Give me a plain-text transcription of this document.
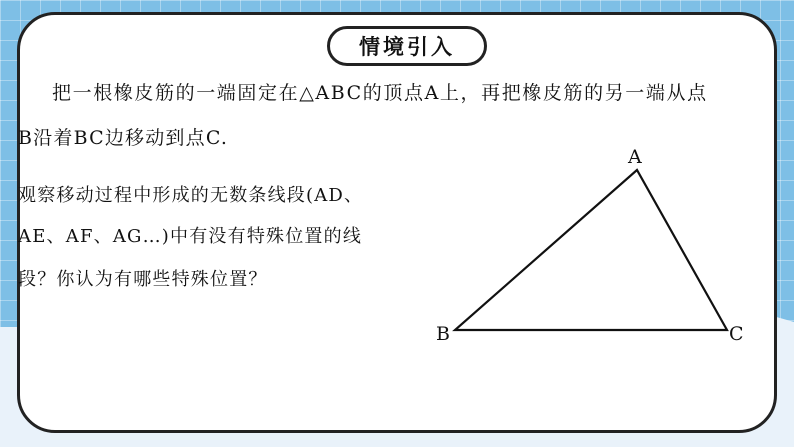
情境引入
把一根橡皮筋的一端固定在△ABC的顶点A上，再把橡皮筋的另一端从点
B沿着BC边移动到点C.
观察移动过程中形成的无数条线段(AD、
AE、AF、AG…)中有没有特殊位置的线
段？你认为有哪些特殊位置？
A
B	C
